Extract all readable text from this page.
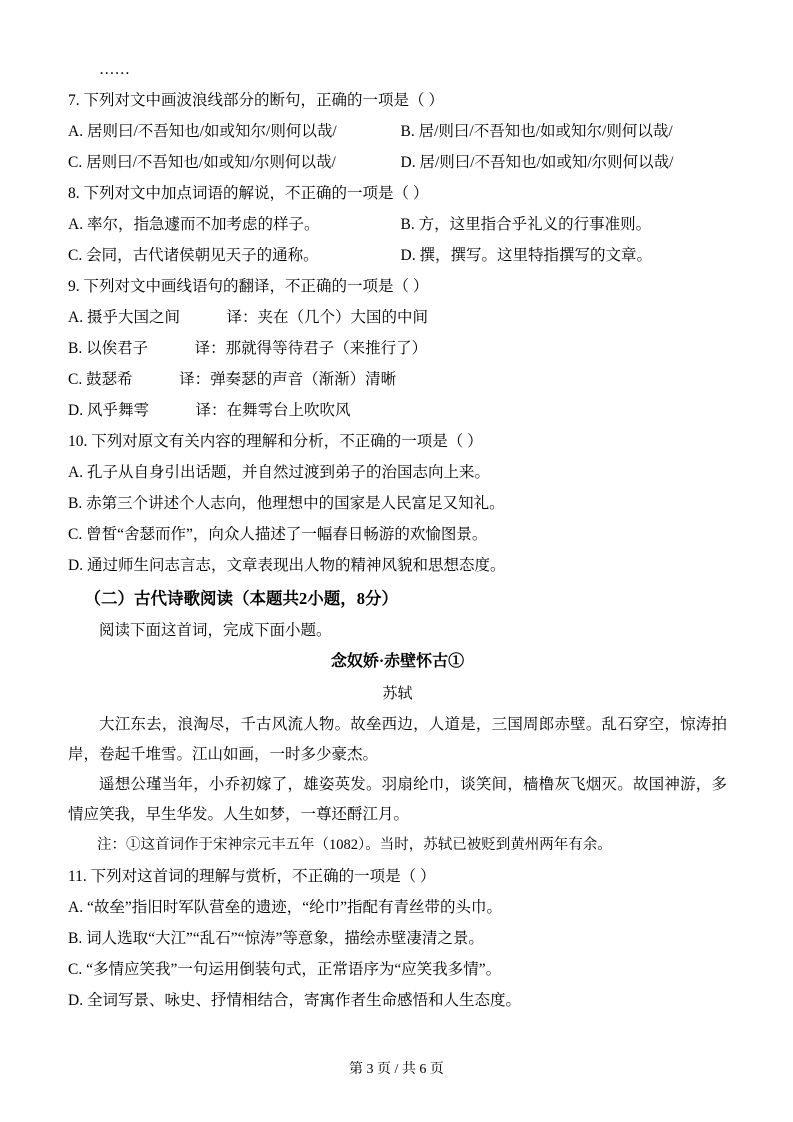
……

7. 下列对文中画波浪线部分的断句，正确的一项是（ ）

A. 居则曰/不吾知也/如或知尔/则何以哉/	B. 居/则曰/不吾知也/如或知尔/则何以哉/

C. 居则曰/不吾知也/如或知/尔则何以哉/	D. 居/则曰/不吾知也/如或知/尔则何以哉/

8. 下列对文中加点词语的解说，不正确的一项是（ ）

A. 率尔，指急遽而不加考虑的样子。	B. 方，这里指合乎礼义的行事准则。

C. 会同，古代诸侯朝见天子的通称。	D. 撰，撰写。这里特指撰写的文章。

9. 下列对文中画线语句的翻译，不正确的一项是（ ）

A. 摄乎大国之间　　　译：夹在（几个）大国的中间

B. 以俟君子　　　译：那就得等待君子（来推行了）

C. 鼓瑟希　　　译：弹奏瑟的声音（渐渐）清晰

D. 风乎舞雩　　　译：在舞雩台上吹吹风

10. 下列对原文有关内容的理解和分析，不正确的一项是（ ）

A. 孔子从自身引出话题，并自然过渡到弟子的治国志向上来。

B. 赤第三个讲述个人志向，他理想中的国家是人民富足又知礼。

C. 曾皙“舍瑟而作”，向众人描述了一幅春日畅游的欢愉图景。

D. 通过师生问志言志，文章表现出人物的精神风貌和思想态度。

（二）古代诗歌阅读（本题共2小题，8分）

阅读下面这首词，完成下面小题。

念奴娇·赤壁怀古①

苏轼

大江东去，浪淘尽，千古风流人物。故垒西边，人道是，三国周郎赤壁。乱石穿空，惊涛拍岸，卷起千堆雪。江山如画，一时多少豪杰。

遥想公瑾当年，小乔初嫁了，雄姿英发。羽扇纶巾，谈笑间，樯橹灰飞烟灭。故国神游，多情应笑我，早生华发。人生如梦，一尊还酹江月。

注：①这首词作于宋神宗元丰五年（1082）。当时，苏轼已被贬到黄州两年有余。

11. 下列对这首词的理解与赏析，不正确的一项是（ ）

A. “故垒”指旧时军队营垒的遗迹，“纶巾”指配有青丝带的头巾。

B. 词人选取“大江”“乱石”“惊涛”等意象，描绘赤壁凄清之景。

C. “多情应笑我”一句运用倒装句式，正常语序为“应笑我多情”。

D. 全词写景、咏史、抒情相结合，寄寓作者生命感悟和人生态度。

第 3 页 / 共 6 页
